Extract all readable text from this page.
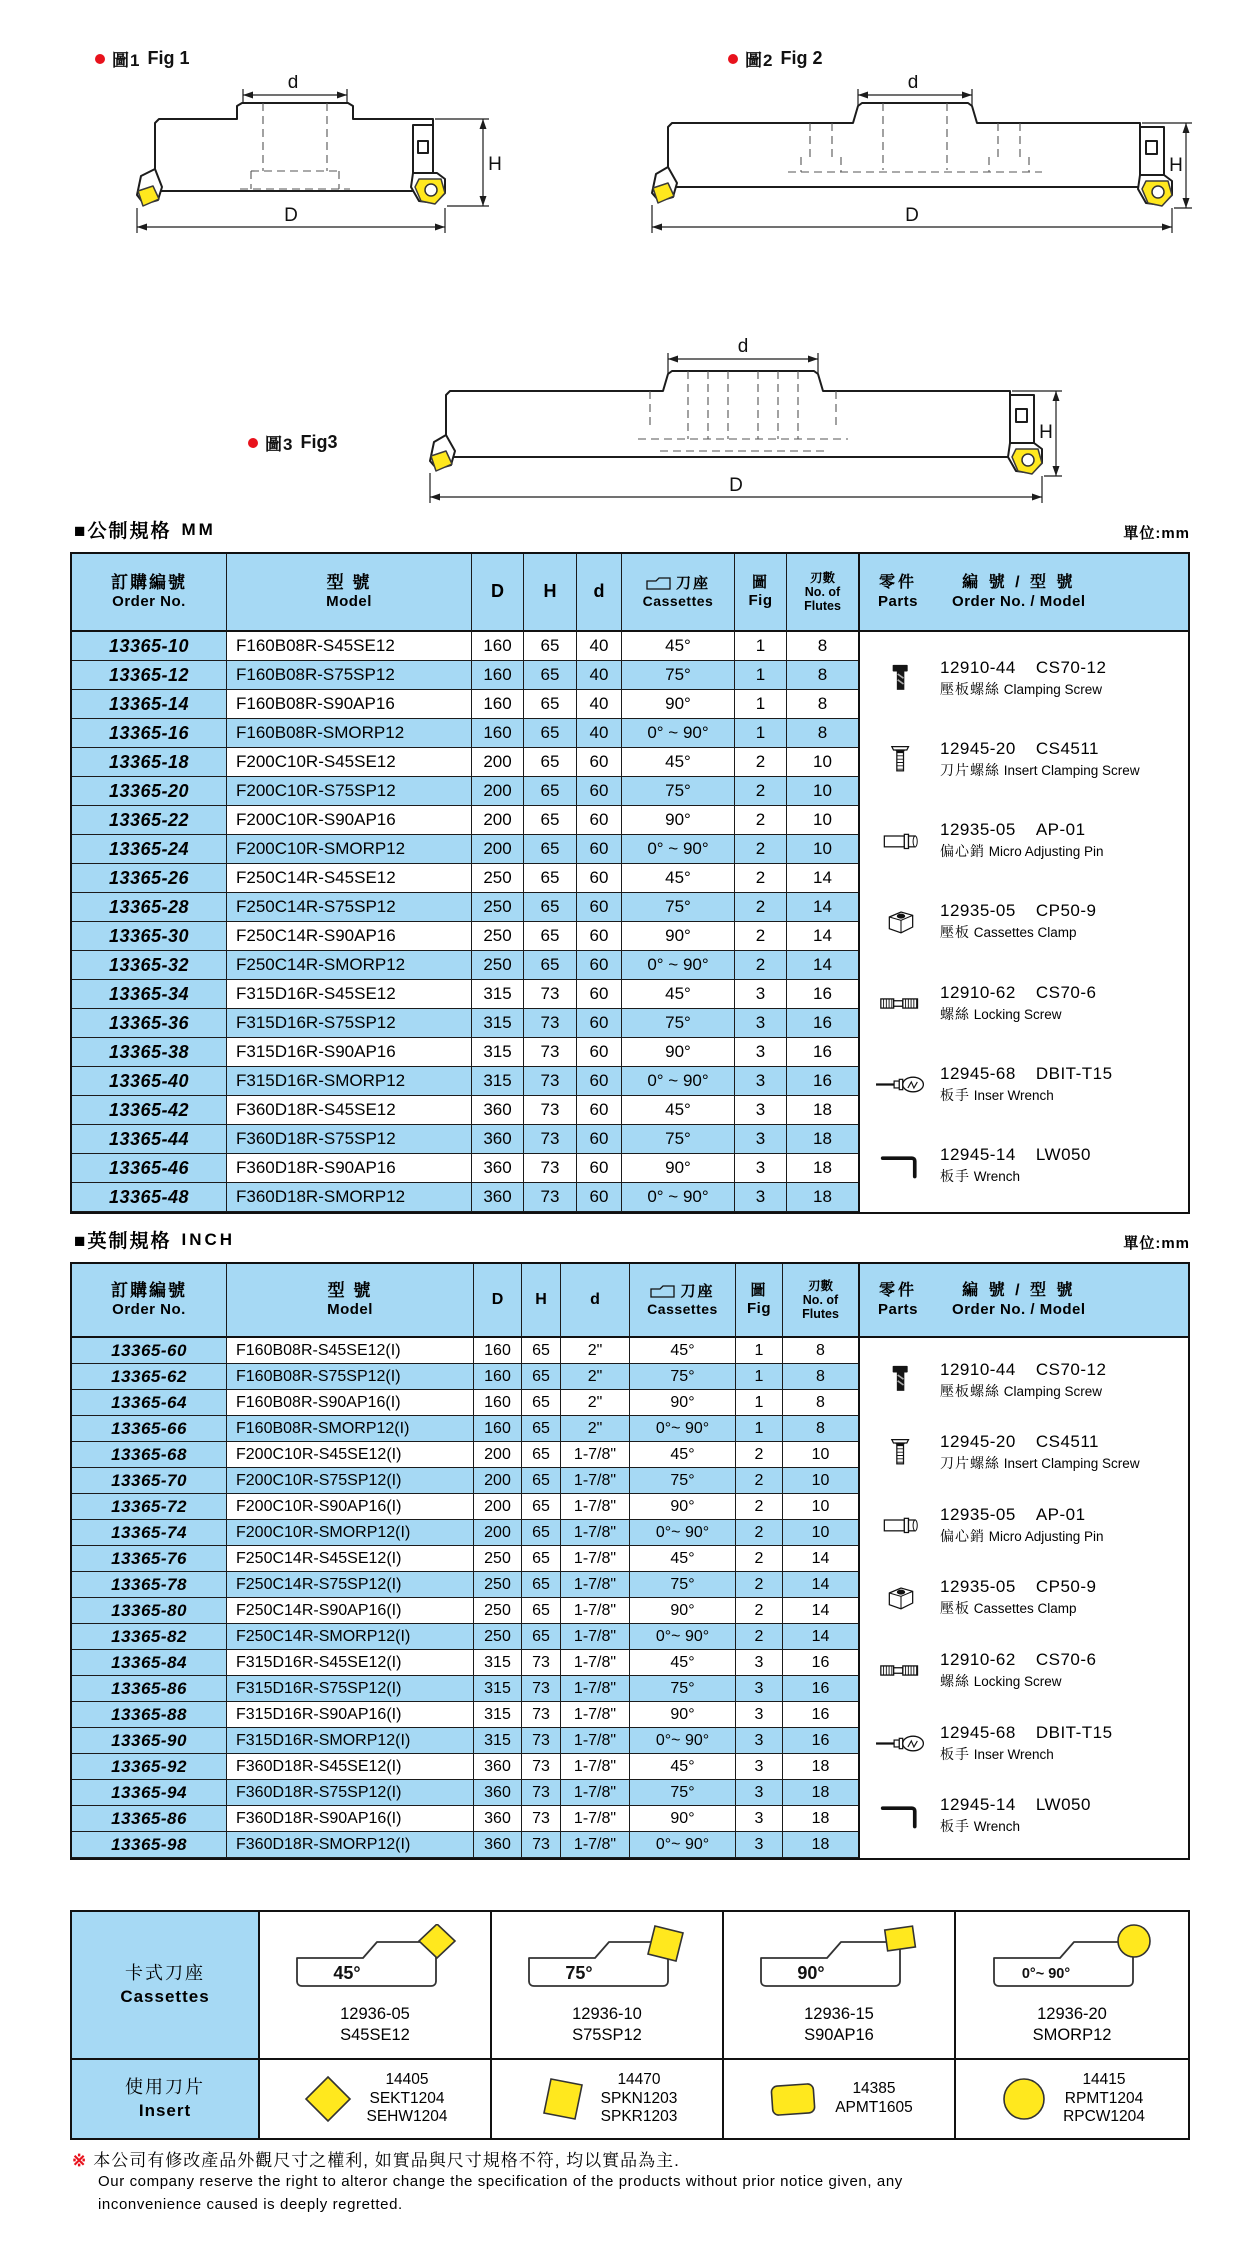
圖1 Fig 1	圖2 Fig 2
圖3 Fig3
d
H
D
d
H
D
d
H
D
■公制規格 MM	單位:mm
訂購編號
Order No.
型 號
Model
D	H	d	刀座
Cassettes
圖
Fig
刃數
No. of
Flutes
13365-10	F160B08R-S45SE12	160	65	40	45°	1	8
13365-12	F160B08R-S75SP12	160	65	40	75°	1	8
13365-14	F160B08R-S90AP16	160	65	40	90°	1	8
13365-16	F160B08R-SMORP12	160	65	40	0° ~ 90°	1	8
13365-18	F200C10R-S45SE12	200	65	60	45°	2	10
13365-20	F200C10R-S75SP12	200	65	60	75°	2	10
13365-22	F200C10R-S90AP16	200	65	60	90°	2	10
13365-24	F200C10R-SMORP12	200	65	60	0° ~ 90°	2	10
13365-26	F250C14R-S45SE12	250	65	60	45°	2	14
13365-28	F250C14R-S75SP12	250	65	60	75°	2	14
13365-30	F250C14R-S90AP16	250	65	60	90°	2	14
13365-32	F250C14R-SMORP12	250	65	60	0° ~ 90°	2	14
13365-34	F315D16R-S45SE12	315	73	60	45°	3	16
13365-36	F315D16R-S75SP12	315	73	60	75°	3	16
13365-38	F315D16R-S90AP16	315	73	60	90°	3	16
13365-40	F315D16R-SMORP12	315	73	60	0° ~ 90°	3	16
13365-42	F360D18R-S45SE12	360	73	60	45°	3	18
13365-44	F360D18R-S75SP12	360	73	60	75°	3	18
13365-46	F360D18R-S90AP16	360	73	60	90°	3	18
13365-48	F360D18R-SMORP12	360	73	60	0° ~ 90°	3	18
零件
Parts
編 號 / 型 號
Order No. / Model
12910-44 CS70-12
壓板螺絲 Clamping Screw
12945-20 CS4511
刀片螺絲 Insert Clamping Screw
12935-05 AP-01
偏心銷 Micro Adjusting Pin
12935-05 CP50-9
壓板 Cassettes Clamp
12910-62 CS70-6
螺絲 Locking Screw
12945-68 DBIT-T15
板手 Inser Wrench
12945-14 LW050
板手 Wrench
■英制規格 INCH	單位:mm
訂購編號
Order No.
型 號
Model
D	H	d	刀座
Cassettes
圖
Fig
刃數
No. of
Flutes
13365-60	F160B08R-S45SE12(I)	160	65	2"	45°	1	8
13365-62	F160B08R-S75SP12(I)	160	65	2"	75°	1	8
13365-64	F160B08R-S90AP16(I)	160	65	2"	90°	1	8
13365-66	F160B08R-SMORP12(I)	160	65	2"	0°~ 90°	1	8
13365-68	F200C10R-S45SE12(I)	200	65	1-7/8"	45°	2	10
13365-70	F200C10R-S75SP12(I)	200	65	1-7/8"	75°	2	10
13365-72	F200C10R-S90AP16(I)	200	65	1-7/8"	90°	2	10
13365-74	F200C10R-SMORP12(I)	200	65	1-7/8"	0°~ 90°	2	10
13365-76	F250C14R-S45SE12(I)	250	65	1-7/8"	45°	2	14
13365-78	F250C14R-S75SP12(I)	250	65	1-7/8"	75°	2	14
13365-80	F250C14R-S90AP16(I)	250	65	1-7/8"	90°	2	14
13365-82	F250C14R-SMORP12(I)	250	65	1-7/8"	0°~ 90°	2	14
13365-84	F315D16R-S45SE12(I)	315	73	1-7/8"	45°	3	16
13365-86	F315D16R-S75SP12(I)	315	73	1-7/8"	75°	3	16
13365-88	F315D16R-S90AP16(I)	315	73	1-7/8"	90°	3	16
13365-90	F315D16R-SMORP12(I)	315	73	1-7/8"	0°~ 90°	3	16
13365-92	F360D18R-S45SE12(I)	360	73	1-7/8"	45°	3	18
13365-94	F360D18R-S75SP12(I)	360	73	1-7/8"	75°	3	18
13365-86	F360D18R-S90AP16(I)	360	73	1-7/8"	90°	3	18
13365-98	F360D18R-SMORP12(I)	360	73	1-7/8"	0°~ 90°	3	18
零件
Parts
編 號 / 型 號
Order No. / Model
12910-44 CS70-12
壓板螺絲 Clamping Screw
12945-20 CS4511
刀片螺絲 Insert Clamping Screw
12935-05 AP-01
偏心銷 Micro Adjusting Pin
12935-05 CP50-9
壓板 Cassettes Clamp
12910-62 CS70-6
螺絲 Locking Screw
12945-68 DBIT-T15
板手 Inser Wrench
12945-14 LW050
板手 Wrench
卡式刀座
Cassettes
45°
12936-05
S45SE12
75°
12936-10
S75SP12
90°
12936-15
S90AP16
0°~ 90°
12936-20
SMORP12
使用刀片
Insert
14405
SEKT1204
SEHW1204
14470
SPKN1203
SPKR1203
14385
APMT1605
14415
RPMT1204
RPCW1204
※ 本公司有修改產品外觀尺寸之權利, 如實品與尺寸規格不符, 均以實品為主.
Our company reserve the right to alteror change the specification of the products without prior notice given, any
inconvenience caused is deeply regretted.
